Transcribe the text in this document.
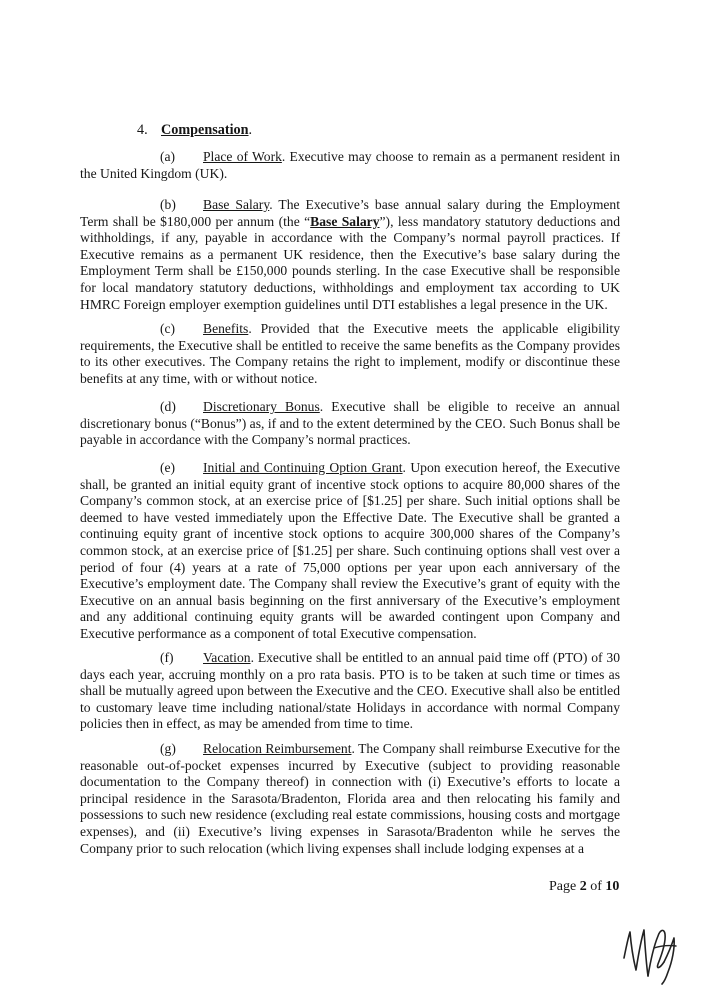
4. Compensation.

(a) Place of Work. Executive may choose to remain as a permanent resident in the United Kingdom (UK).

(b) Base Salary. The Executive’s base annual salary during the Employment Term shall be $180,000 per annum (the “Base Salary”), less mandatory statutory deductions and withholdings, if any, payable in accordance with the Company’s normal payroll practices. If Executive remains as a permanent UK residence, then the Executive’s base salary during the Employment Term shall be £150,000 pounds sterling. In the case Executive shall be responsible for local mandatory statutory deductions, withholdings and employment tax according to UK HMRC Foreign employer exemption guidelines until DTI establishes a legal presence in the UK.

(c) Benefits. Provided that the Executive meets the applicable eligibility requirements, the Executive shall be entitled to receive the same benefits as the Company provides to its other executives. The Company retains the right to implement, modify or discontinue these benefits at any time, with or without notice.

(d) Discretionary Bonus. Executive shall be eligible to receive an annual discretionary bonus (“Bonus”) as, if and to the extent determined by the CEO. Such Bonus shall be payable in accordance with the Company’s normal practices.

(e) Initial and Continuing Option Grant. Upon execution hereof, the Executive shall, be granted an initial equity grant of incentive stock options to acquire 80,000 shares of the Company’s common stock, at an exercise price of [$1.25] per share. Such initial options shall be deemed to have vested immediately upon the Effective Date. The Executive shall be granted a continuing equity grant of incentive stock options to acquire 300,000 shares of the Company’s common stock, at an exercise price of [$1.25] per share. Such continuing options shall vest over a period of four (4) years at a rate of 75,000 options per year upon each anniversary of the Executive’s employment date. The Company shall review the Executive’s grant of equity with the Executive on an annual basis beginning on the first anniversary of the Executive’s employment and any additional continuing equity grants will be awarded contingent upon Company and Executive performance as a component of total Executive compensation.

(f) Vacation. Executive shall be entitled to an annual paid time off (PTO) of 30 days each year, accruing monthly on a pro rata basis. PTO is to be taken at such time or times as shall be mutually agreed upon between the Executive and the CEO. Executive shall also be entitled to customary leave time including national/state Holidays in accordance with normal Company policies then in effect, as may be amended from time to time.

(g) Relocation Reimbursement. The Company shall reimburse Executive for the reasonable out-of-pocket expenses incurred by Executive (subject to providing reasonable documentation to the Company thereof) in connection with (i) Executive’s efforts to locate a principal residence in the Sarasota/Bradenton, Florida area and then relocating his family and possessions to such new residence (excluding real estate commissions, housing costs and mortgage expenses), and (ii) Executive’s living expenses in Sarasota/Bradenton while he serves the Company prior to such relocation (which living expenses shall include lodging expenses at a

Page 2 of 10
